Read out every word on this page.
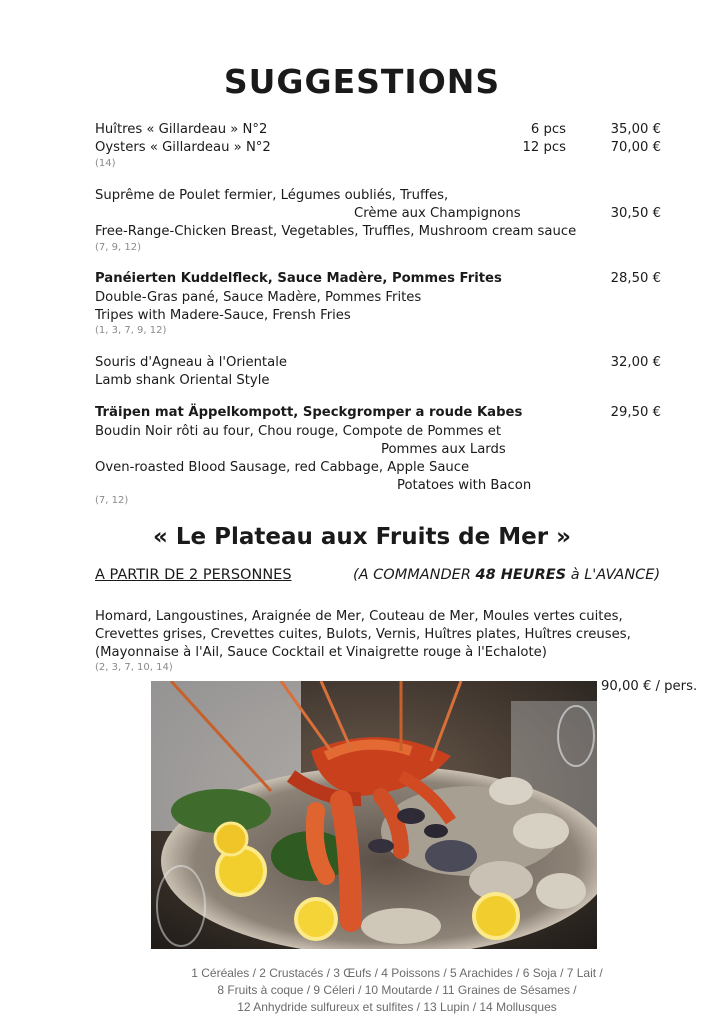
SUGGESTIONS
Huîtres « Gillardeau » N°2	6 pcs	35,00 €
Oysters « Gillardeau » N°2	12 pcs	70,00 €
(14)
Suprême de Poulet fermier, Légumes oubliés, Truffes,
Crème aux Champignons	30,50 €
Free-Range-Chicken Breast, Vegetables, Truffles, Mushroom cream sauce
(7, 9, 12)
Panéierten Kuddelfleck, Sauce Madère, Pommes Frites	28,50 €
Double-Gras pané, Sauce Madère, Pommes Frites
Tripes with Madere-Sauce, Frensh Fries
(1, 3, 7, 9, 12)
Souris d'Agneau à l'Orientale	32,00 €
Lamb shank Oriental Style
Träipen mat Äppelkompott, Speckgromper a roude Kabes	29,50 €
Boudin Noir rôti au four, Chou rouge, Compote de Pommes et
Pommes aux Lards
Oven-roasted Blood Sausage, red Cabbage, Apple Sauce
Potatoes with Bacon
(7, 12)
« Le Plateau aux Fruits de Mer »
A PARTIR DE 2 PERSONNES	(A COMMANDER 48 HEURES à L'AVANCE)
Homard, Langoustines, Araignée de Mer, Couteau de Mer, Moules vertes cuites,
Crevettes grises, Crevettes cuites, Bulots, Vernis, Huîtres plates, Huîtres creuses,
(Mayonnaise à l'Ail, Sauce Cocktail et Vinaigrette rouge à l'Echalote)
(2, 3, 7, 10, 14)
90,00 € / pers.
1 Céréales / 2 Crustacés / 3 Œufs / 4 Poissons / 5 Arachides / 6 Soja / 7 Lait /
8 Fruits à coque / 9 Céleri / 10 Moutarde / 11 Graines de Sésames /
12 Anhydride sulfureux et sulfites / 13 Lupin / 14 Mollusques
